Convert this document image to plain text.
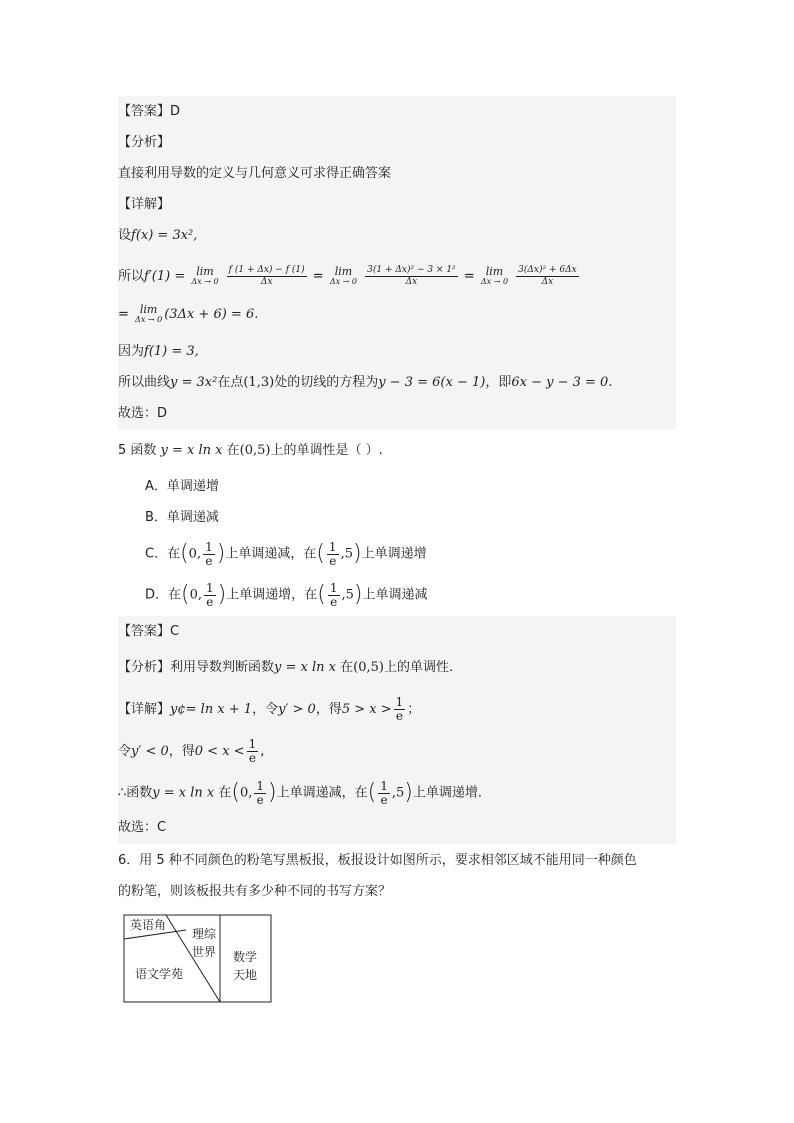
【答案】D
【分析】
直接利用导数的定义与几何意义可求得正确答案
【详解】
设f(x) = 3x²,
所以f′(1) = lim
Δx → 0
$\frac{f (1 + \Delta x) - f (1)}{\Delta x} = \lim$
Δx → 0
$\frac{\text{3(1 + Δx)² − 3 × 1²}}{\Delta x} = \lim$
Δx → 0
$\frac{\text{3(Δx)² + 6Δx}}{\Delta x}$
= lim
Δx → 0 (3Δx + 6) = 6.
因为f(1) = 3,
所以曲线y = 3x²在点(1,3)处的切线的方程为y − 3 = 6(x − 1)，即6x − y − 3 = 0.
故选：D
5 函数 y = x ln x 在(0,5)上的单调性是（ ）.
A．单调递增
B．单调递减
C．在(0, $\frac{1}{e}$ )上单调递减，在( $\frac{1}{e} ,5$)上单调递增
D．在(0, $\frac{1}{e}$ )上单调递增，在( $\frac{1}{e} ,5$)上单调递减
【答案】C
【分析】利用导数判断函数y = x ln x 在(0,5)上的单调性.
【详解】y¢= ln x + 1，令y′ > 0，得$5 > x > \frac{1}{e}$ ；
令y′ < 0，得$0 < x < \frac{1}{e}$ ,
∴函数y = x ln x 在(0, $\frac{1}{e}$ )上单调递减，在( $\frac{1}{e} ,5$)上单调递增.
故选：C
6．用 5 种不同颜色的粉笔写黑板报，板报设计如图所示，要求相邻区域不能用同一种颜色
的粉笔，则该板报共有多少种不同的书写方案？
英语角
理综
世界
语文学苑
数学
天地
